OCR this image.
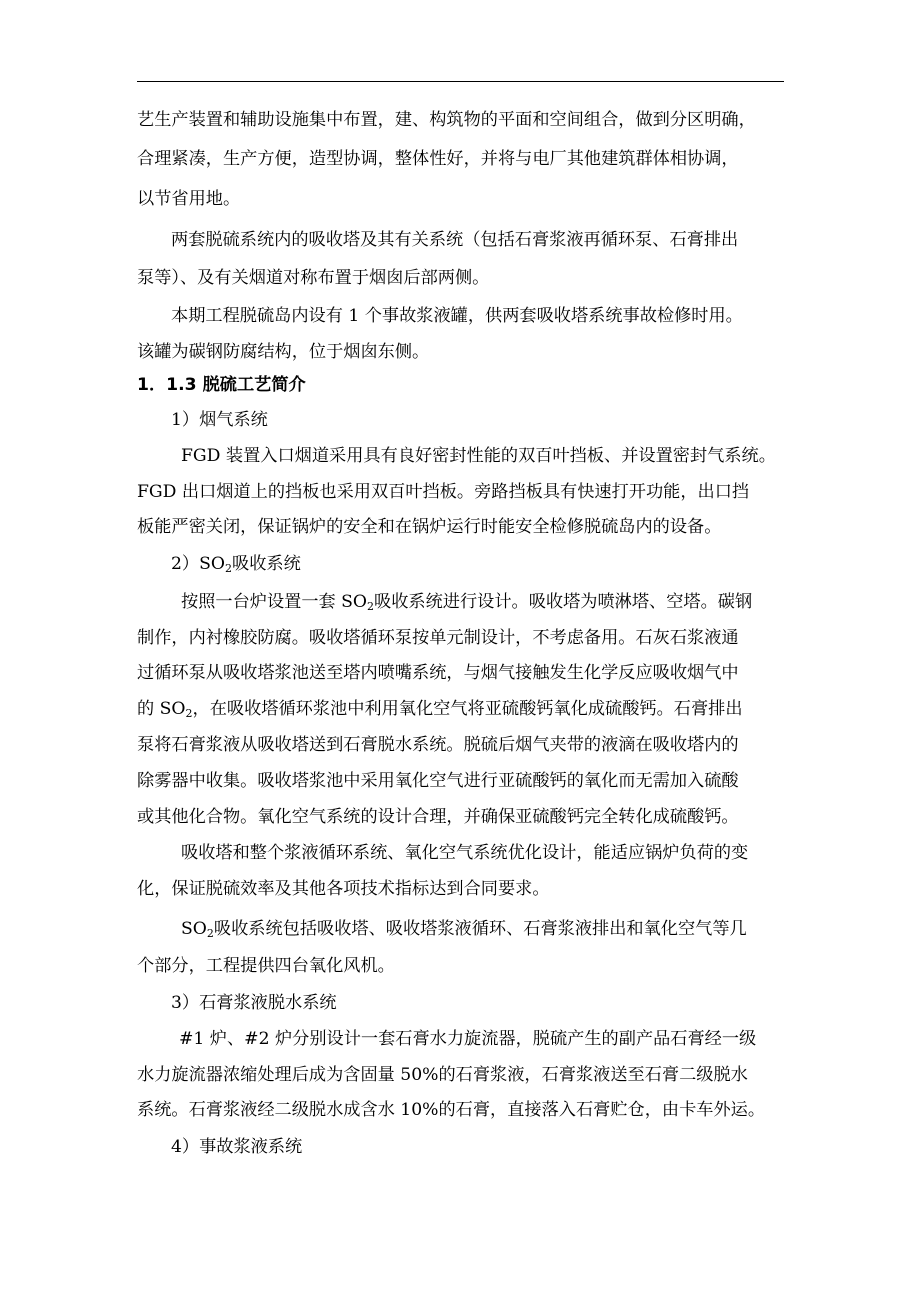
艺生产装置和辅助设施集中布置，建、构筑物的平面和空间组合，做到分区明确，
合理紧凑，生产方便，造型协调，整体性好，并将与电厂其他建筑群体相协调，
以节省用地。
两套脱硫系统内的吸收塔及其有关系统（包括石膏浆液再循环泵、石膏排出
泵等）、及有关烟道对称布置于烟囱后部两侧。
本期工程脱硫岛内设有 1 个事故浆液罐，供两套吸收塔系统事故检修时用。
该罐为碳钢防腐结构，位于烟囱东侧。
1．1.3 脱硫工艺简介
1）烟气系统
FGD 装置入口烟道采用具有良好密封性能的双百叶挡板、并设置密封气系统。
FGD 出口烟道上的挡板也采用双百叶挡板。旁路挡板具有快速打开功能，出口挡
板能严密关闭，保证锅炉的安全和在锅炉运行时能安全检修脱硫岛内的设备。
$2)SO_2$吸收系统
按照一台炉设置一套 $SO_2$吸收系统进行设计。吸收塔为喷淋塔、空塔。碳钢
制作，内衬橡胶防腐。吸收塔循环泵按单元制设计，不考虑备用。石灰石浆液通
过循环泵从吸收塔浆池送至塔内喷嘴系统，与烟气接触发生化学反应吸收烟气中
的 $SO_2$，在吸收塔循环浆池中利用氧化空气将亚硫酸钙氧化成硫酸钙。石膏排出
泵将石膏浆液从吸收塔送到石膏脱水系统。脱硫后烟气夹带的液滴在吸收塔内的
除雾器中收集。吸收塔浆池中采用氧化空气进行亚硫酸钙的氧化而无需加入硫酸
或其他化合物。氧化空气系统的设计合理，并确保亚硫酸钙完全转化成硫酸钙。
吸收塔和整个浆液循环系统、氧化空气系统优化设计，能适应锅炉负荷的变
化，保证脱硫效率及其他各项技术指标达到合同要求。
$SO_2$吸收系统包括吸收塔、吸收塔浆液循环、石膏浆液排出和氧化空气等几
个部分，工程提供四台氧化风机。
3）石膏浆液脱水系统
#1 炉、#2 炉分别设计一套石膏水力旋流器，脱硫产生的副产品石膏经一级
水力旋流器浓缩处理后成为含固量 50%的石膏浆液，石膏浆液送至石膏二级脱水
系统。石膏浆液经二级脱水成含水 10%的石膏，直接落入石膏贮仓，由卡车外运。
4）事故浆液系统
